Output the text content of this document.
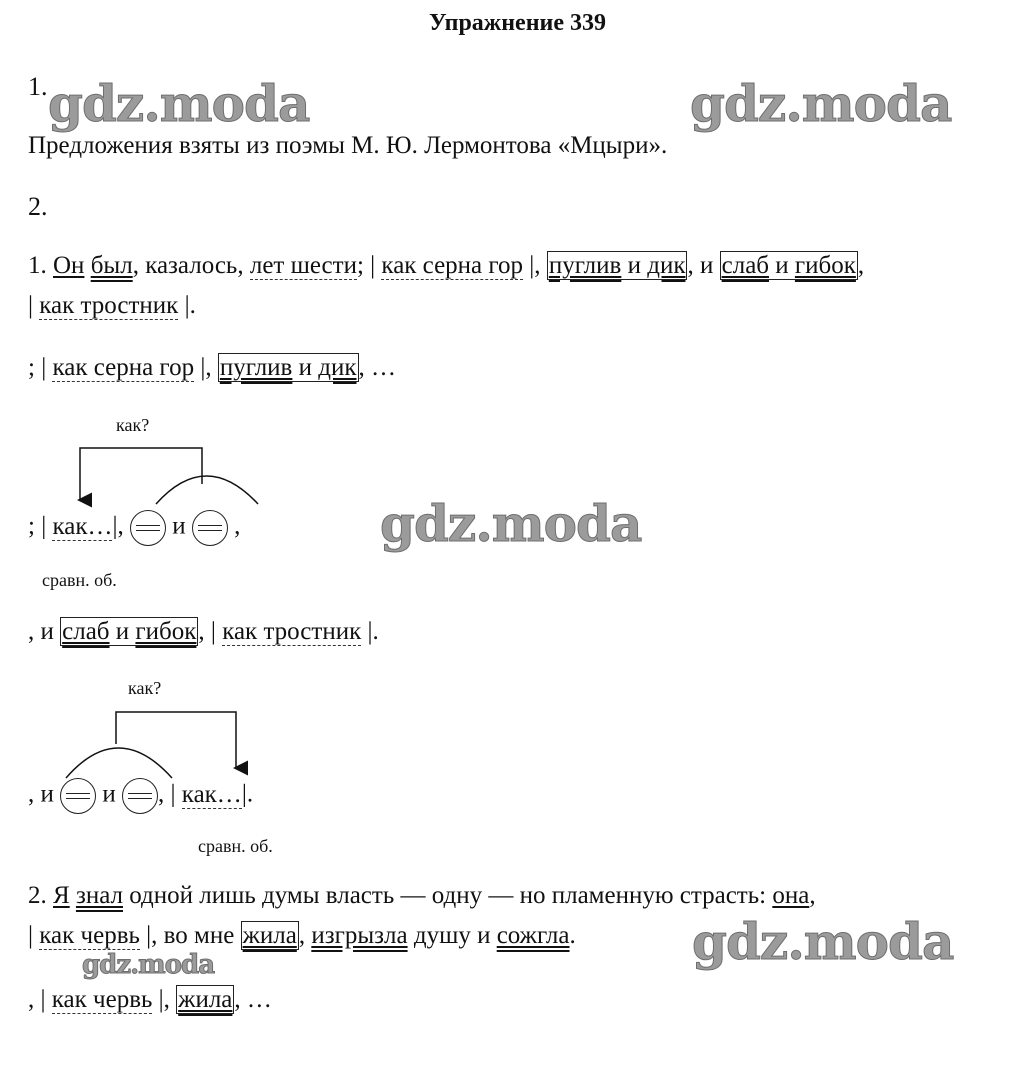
Упражнение 339
gdz.moda	gdz.moda
gdz.moda
gdz.moda
gdz.moda
1.
Предложения взяты из поэмы М. Ю. Лермонтова «Мцыри».
2.
1. Он был, казалось, лет шести; | как серна гор |, пуглив и дик, и слаб и гибок,
| как тростник |.
; | как серна гор |, пуглив и дик, …
как?
; | как…|, и ,
сравн. об.
, и слаб и гибок, | как тростник |.
как?
, и и , | как…|.
сравн. об.
2. Я знал одной лишь думы власть — одну — но пламенную страсть: она,
| как червь |, во мне жила, изгрызла душу и сожгла.
, | как червь |, жила, …
